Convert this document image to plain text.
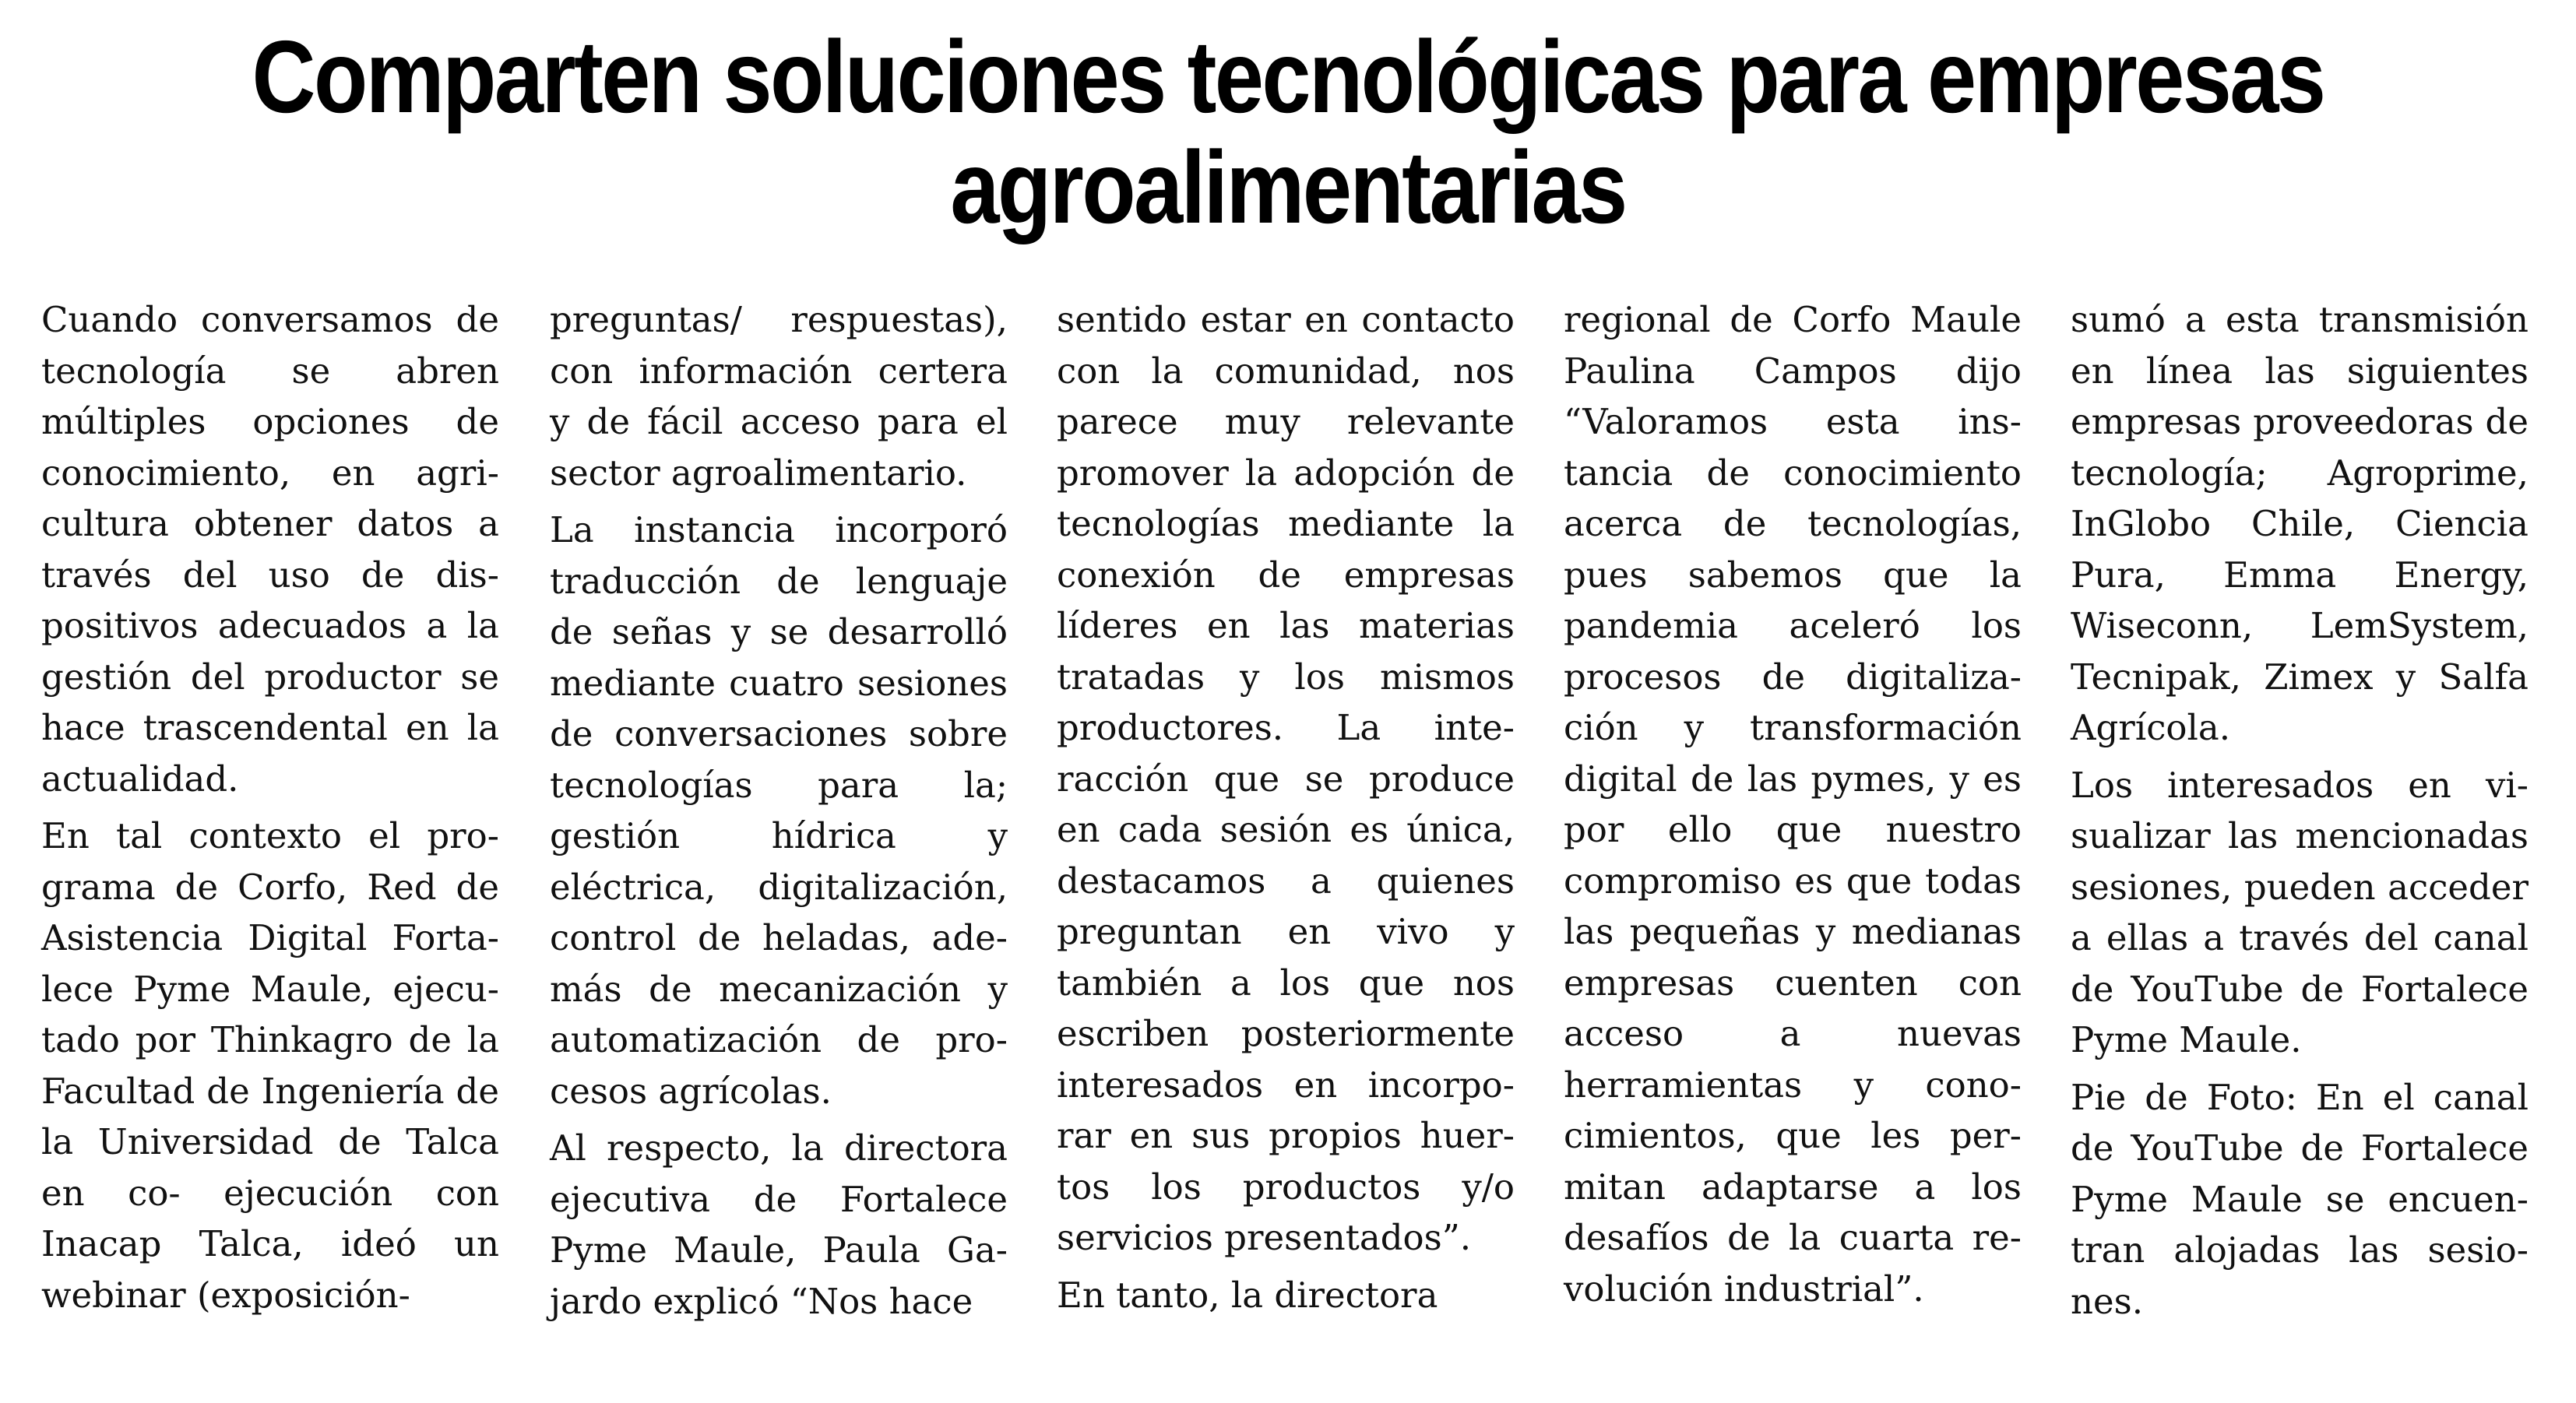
Comparten soluciones tecnológicas para empresas
agroalimentarias

Cuando conversamos de tecnología se abren múltiples opciones de conocimiento, en agricultura obtener datos a través del uso de dispositivos adecuados a la gestión del productor se hace trascendental en la actualidad.

En tal contexto el programa de Corfo, Red de Asistencia Digital Fortalece Pyme Maule, ejecutado por Thinkagro de la Facultad de Ingeniería de la Universidad de Talca en co- ejecución con Inacap Talca, ideó un webinar (exposición-

preguntas/ respuestas), con información certera y de fácil acceso para el sector agroalimentario.

La instancia incorporó traducción de lenguaje de señas y se desarrolló mediante cuatro sesiones de conversaciones sobre tecnologías para la; gestión hídrica y eléctrica, digitalización, control de heladas, además de mecanización y automatización de procesos agrícolas.

Al respecto, la directora ejecutiva de Fortalece Pyme Maule, Paula Gajardo explicó “Nos hace

sentido estar en contacto con la comunidad, nos parece muy relevante promover la adopción de tecnologías mediante la conexión de empresas líderes en las materias tratadas y los mismos productores. La interacción que se produce en cada sesión es única, destacamos a quienes preguntan en vivo y también a los que nos escriben posteriormente interesados en incorporar en sus propios huertos los productos y/o servicios presentados”.

En tanto, la directora

regional de Corfo Maule Paulina Campos dijo “Valoramos esta instancia de conocimiento acerca de tecnologías, pues sabemos que la pandemia aceleró los procesos de digitalización y transformación digital de las pymes, y es por ello que nuestro compromiso es que todas las pequeñas y medianas empresas cuenten con acceso a nuevas herramientas y conocimientos, que les permitan adaptarse a los desafíos de la cuarta revolución industrial”.

sumó a esta transmisión en línea las siguientes empresas proveedoras de tecnología; Agroprime, InGlobo Chile, Ciencia Pura, Emma Energy, Wiseconn, LemSystem, Tecnipak, Zimex y Salfa Agrícola.

Los interesados en visualizar las mencionadas sesiones, pueden acceder a ellas a través del canal de YouTube de Fortalece Pyme Maule.

Pie de Foto: En el canal de YouTube de Fortalece Pyme Maule se encuentran alojadas las sesiones.
